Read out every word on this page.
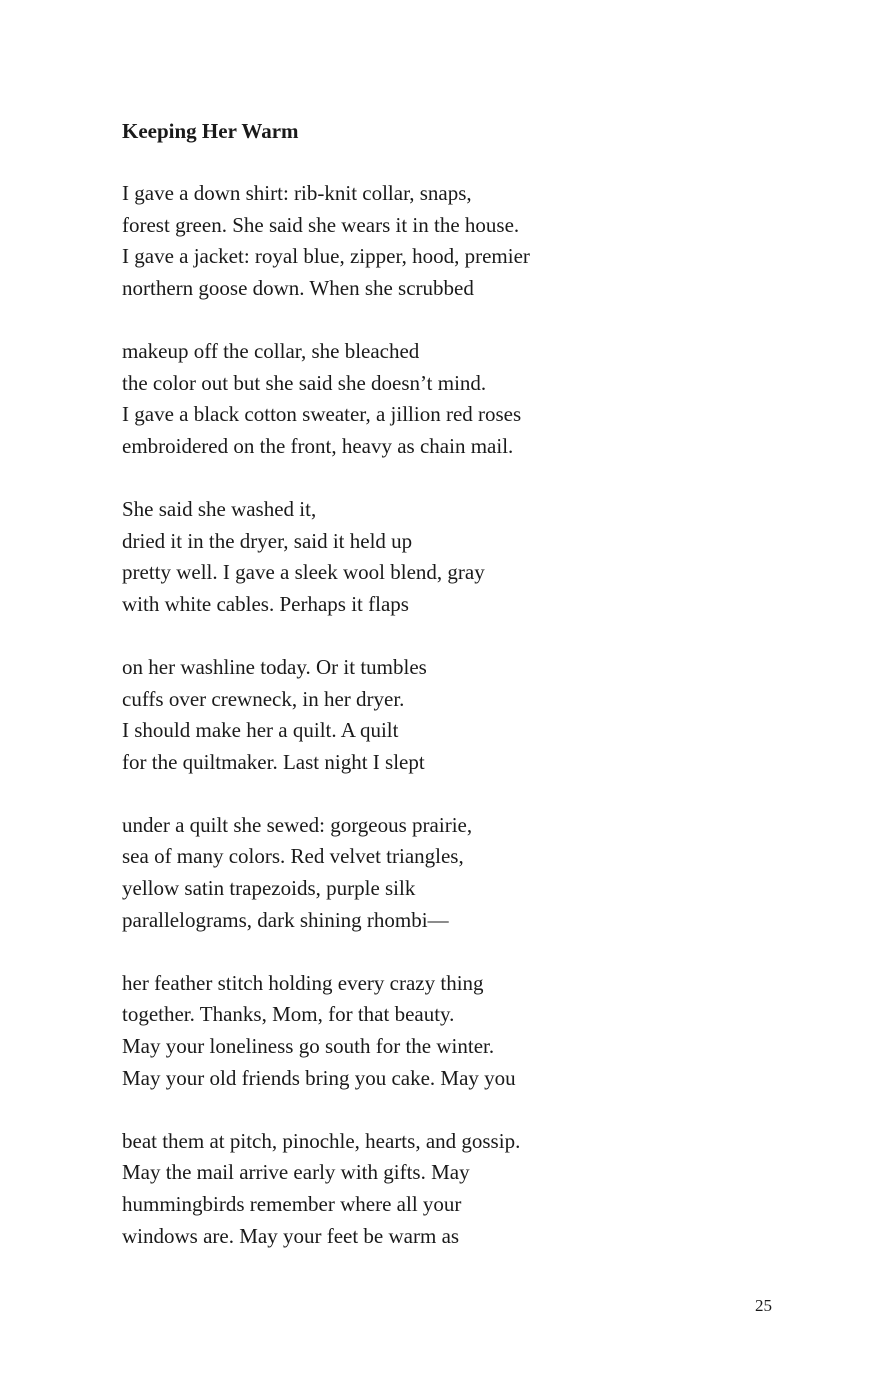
Keeping Her Warm
I gave a down shirt: rib-knit collar, snaps,
forest green. She said she wears it in the house.
I gave a jacket: royal blue, zipper, hood, premier
northern goose down. When she scrubbed
makeup off the collar, she bleached
the color out but she said she doesn’t mind.
I gave a black cotton sweater, a jillion red roses
embroidered on the front, heavy as chain mail.
She said she washed it,
dried it in the dryer, said it held up
pretty well. I gave a sleek wool blend, gray
with white cables. Perhaps it flaps
on her washline today. Or it tumbles
cuffs over crewneck, in her dryer.
I should make her a quilt. A quilt
for the quiltmaker. Last night I slept
under a quilt she sewed: gorgeous prairie,
sea of many colors. Red velvet triangles,
yellow satin trapezoids, purple silk
parallelograms, dark shining rhombi—
her feather stitch holding every crazy thing
together. Thanks, Mom, for that beauty.
May your loneliness go south for the winter.
May your old friends bring you cake. May you
beat them at pitch, pinochle, hearts, and gossip.
May the mail arrive early with gifts. May
hummingbirds remember where all your
windows are. May your feet be warm as
25
